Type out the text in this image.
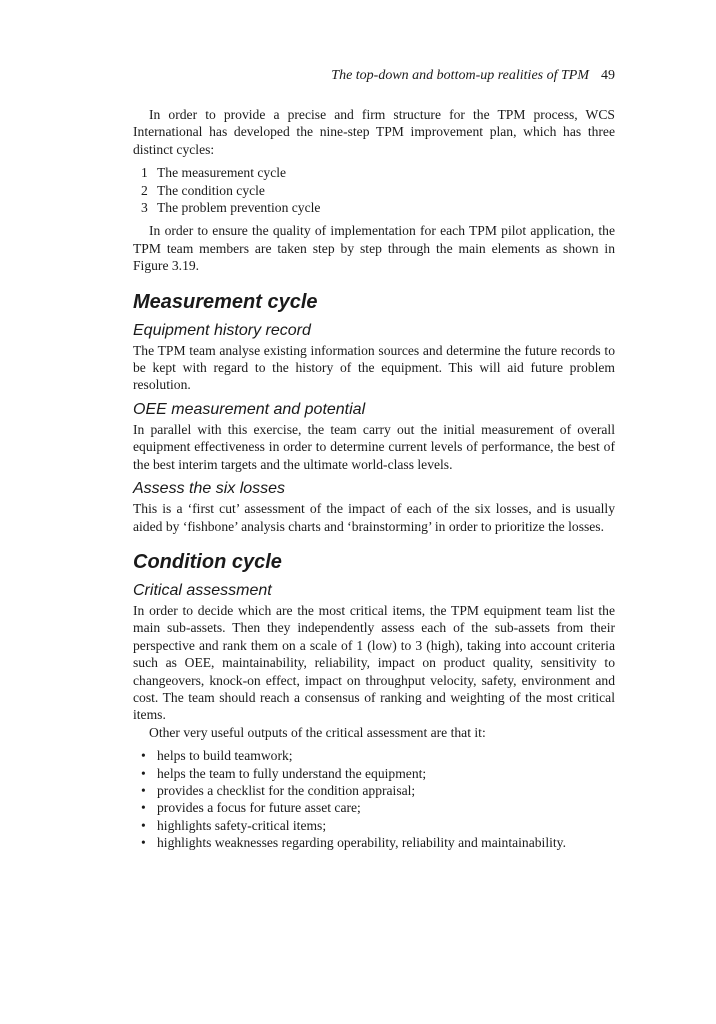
The top-down and bottom-up realities of TPM 49

In order to provide a precise and firm structure for the TPM process, WCS International has developed the nine-step TPM improvement plan, which has three distinct cycles:

1 The measurement cycle
2 The condition cycle
3 The problem prevention cycle

In order to ensure the quality of implementation for each TPM pilot application, the TPM team members are taken step by step through the main elements as shown in Figure 3.19.

Measurement cycle
Equipment history record

The TPM team analyse existing information sources and determine the future records to be kept with regard to the history of the equipment. This will aid future problem resolution.

OEE measurement and potential

In parallel with this exercise, the team carry out the initial measurement of overall equipment effectiveness in order to determine current levels of performance, the best of the best interim targets and the ultimate world-class levels.

Assess the six losses

This is a ‘first cut’ assessment of the impact of each of the six losses, and is usually aided by ‘fishbone’ analysis charts and ‘brainstorming’ in order to prioritize the losses.

Condition cycle
Critical assessment

In order to decide which are the most critical items, the TPM equipment team list the main sub-assets. Then they independently assess each of the sub-assets from their perspective and rank them on a scale of 1 (low) to 3 (high), taking into account criteria such as OEE, maintainability, reliability, impact on product quality, sensitivity to changeovers, knock-on effect, impact on throughput velocity, safety, environment and cost. The team should reach a consensus of ranking and weighting of the most critical items.

Other very useful outputs of the critical assessment are that it:

• helps to build teamwork;
• helps the team to fully understand the equipment;
• provides a checklist for the condition appraisal;
• provides a focus for future asset care;
• highlights safety-critical items;
• highlights weaknesses regarding operability, reliability and maintainability.
